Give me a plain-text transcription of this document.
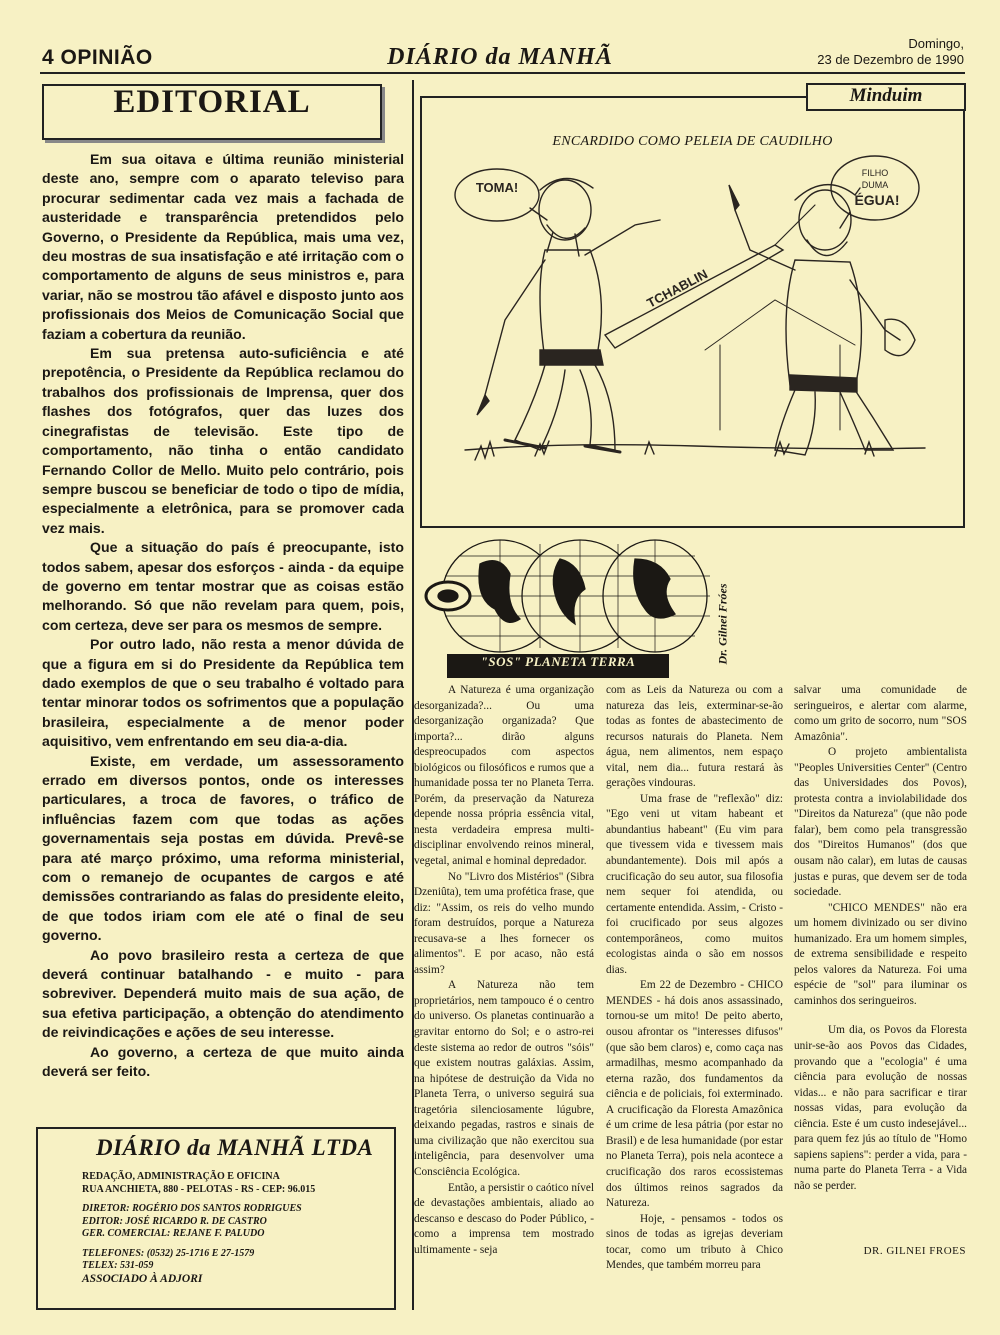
4 OPINIÃO	DIÁRIO da MANHÃ
Domingo,
23 de Dezembro de 1990
EDITORIAL

Em sua oitava e última reunião ministerial deste ano, sempre com o aparato televiso para procurar sedimentar cada vez mais a fachada de austeridade e transparência pretendidos pelo Governo, o Presidente da República, mais uma vez, deu mostras de sua insatisfação e até irritação com o comportamento de alguns de seus ministros e, para variar, não se mostrou tão afável e disposto junto aos profissionais dos Meios de Comunicação Social que faziam a cobertura da reunião.

Em sua pretensa auto-suficiência e até prepotência, o Presidente da República reclamou do trabalhos dos profissionais de Imprensa, quer dos flashes dos fotógrafos, quer das luzes dos cinegrafistas de televisão. Este tipo de comportamento, não tinha o então candidato Fernando Collor de Mello. Muito pelo contrário, pois sempre buscou se beneficiar de todo o tipo de mídia, especialmente a eletrônica, para se promover cada vez mais.

Que a situação do país é preocupante, isto todos sabem, apesar dos esforços - ainda - da equipe de governo em tentar mostrar que as coisas estão melhorando. Só que não revelam para quem, pois, com certeza, deve ser para os mesmos de sempre.

Por outro lado, não resta a menor dúvida de que a figura em si do Presidente da República tem dado exemplos de que o seu trabalho é voltado para tentar minorar todos os sofrimentos que a população brasileira, especialmente a de menor poder aquisitivo, vem enfrentando em seu dia-a-dia.

Existe, em verdade, um assessoramento errado em diversos pontos, onde os interesses particulares, a troca de favores, o tráfico de influências fazem com que todas as ações governamentais seja postas em dúvida. Prevê-se para até março próximo, uma reforma ministerial, com o remanejo de ocupantes de cargos e até demissões contrariando as falas do presidente eleito, de que todos iriam com ele até o final de seu governo.

Ao povo brasileiro resta a certeza de que deverá continuar batalhando - e muito - para sobreviver. Dependerá muito mais de sua ação, de sua efetiva participação, a obtenção do atendimento de reivindicações e ações de seu interesse.

Ao governo, a certeza de que muito ainda deverá ser feito.

DIÁRIO da MANHÃ LTDA
REDAÇÃO, ADMINISTRAÇÃO E OFICINA
RUA ANCHIETA, 880 - PELOTAS - RS - CEP: 96.015
DIRETOR: ROGÉRIO DOS SANTOS RODRIGUES
EDITOR: JOSÉ RICARDO R. DE CASTRO
GER. COMERCIAL: REJANE F. PALUDO
TELEFONES: (0532) 25-1716 E 27-1579
TELEX: 531-059
ASSOCIADO À ADJORI
Minduim
ENCARDIDO COMO PELEIA DE CAUDILHO
TOMA!
FILHO
DUMA
ÉGUA!
TCHABLIN
Dr. Gilnei Fróes
"SOS" PLANETA TERRA

A Natureza é uma organização desorganizada?... Ou uma desorganização organizada? Que importa?... dirão alguns despreocupados com aspectos biológicos ou filosóficos e rumos que a humanidade possa ter no Planeta Terra. Porém, da preservação da Natureza depende nossa própria essência vital, nesta verdadeira empresa multi-disciplinar envolvendo reinos mineral, vegetal, animal e hominal depredador.

No "Livro dos Mistérios" (Sibra Dzeniûta), tem uma profética frase, que diz: "Assim, os reis do velho mundo foram destruídos, porque a Natureza recusava-se a lhes fornecer os alimentos". E por acaso, não está assim?

A Natureza não tem proprietários, nem tampouco é o centro do universo. Os planetas continuarão a gravitar entorno do Sol; e o astro-rei deste sistema ao redor de outros "sóis" que existem noutras galáxias. Assim, na hipótese de destruição da Vida no Planeta Terra, o universo seguirá sua tragetória silenciosamente lúgubre, deixando pegadas, rastros e sinais de uma civilização que não exercitou sua inteligência, para desenvolver uma Consciência Ecológica.

Então, a persistir o caótico nível de devastações ambientais, aliado ao descanso e descaso do Poder Público, - como a imprensa tem mostrado ultimamente - seja

com as Leis da Natureza ou com a natureza das leis, exterminar-se-ão todas as fontes de abastecimento de recursos naturais do Planeta. Nem água, nem alimentos, nem espaço vital, nem dia... futura restará às gerações vindouras.

Uma frase de "reflexão" diz: "Ego veni ut vitam habeant et abundantius habeant" (Eu vim para que tivessem vida e tivessem mais abundantemente). Dois mil após a crucificação do seu autor, sua filosofia nem sequer foi atendida, ou certamente entendida. Assim, - Cristo - foi crucificado por seus algozes contemporâneos, como muitos ecologistas ainda o são em nossos dias.

Em 22 de Dezembro - CHICO MENDES - há dois anos assassinado, tornou-se um mito! De peito aberto, ousou afrontar os "interesses difusos" (que são bem claros) e, como caça nas armadilhas, mesmo acompanhado da eterna razão, dos fundamentos da ciência e de policiais, foi exterminado. A crucificação da Floresta Amazônica é um crime de lesa pátria (por estar no Brasil) e de lesa humanidade (por estar no Planeta Terra), pois nela acontece a crucificação dos raros ecossistemas dos últimos reinos sagrados da Natureza.

Hoje, - pensamos - todos os sinos de todas as igrejas deveriam tocar, como um tributo à Chico Mendes, que também morreu para

salvar uma comunidade de seringueiros, e alertar com alarme, como um grito de socorro, num "SOS Amazônia".

O projeto ambientalista "Peoples Universities Center" (Centro das Universidades dos Povos), protesta contra a inviolabilidade dos "Direitos da Natureza" (que não pode falar), bem como pela transgressão dos "Direitos Humanos" (dos que ousam não calar), em lutas de causas justas e puras, que devem ser de toda sociedade.

"CHICO MENDES" não era um homem divinizado ou ser divino humanizado. Era um homem simples, de extrema sensibilidade e respeito pelos valores da Natureza. Foi uma espécie de "sol" para iluminar os caminhos dos seringueiros.

Um dia, os Povos da Floresta unir-se-ão aos Povos das Cidades, provando que a "ecologia" é uma ciência para evolução de nossas vidas... e não para sacrificar e tirar nossas vidas, para evolução da ciência. Este é um custo indesejável... para quem fez jús ao título de "Homo sapiens sapiens": perder a vida, para - numa parte do Planeta Terra - a Vida não se perder.

DR. GILNEI FROES
